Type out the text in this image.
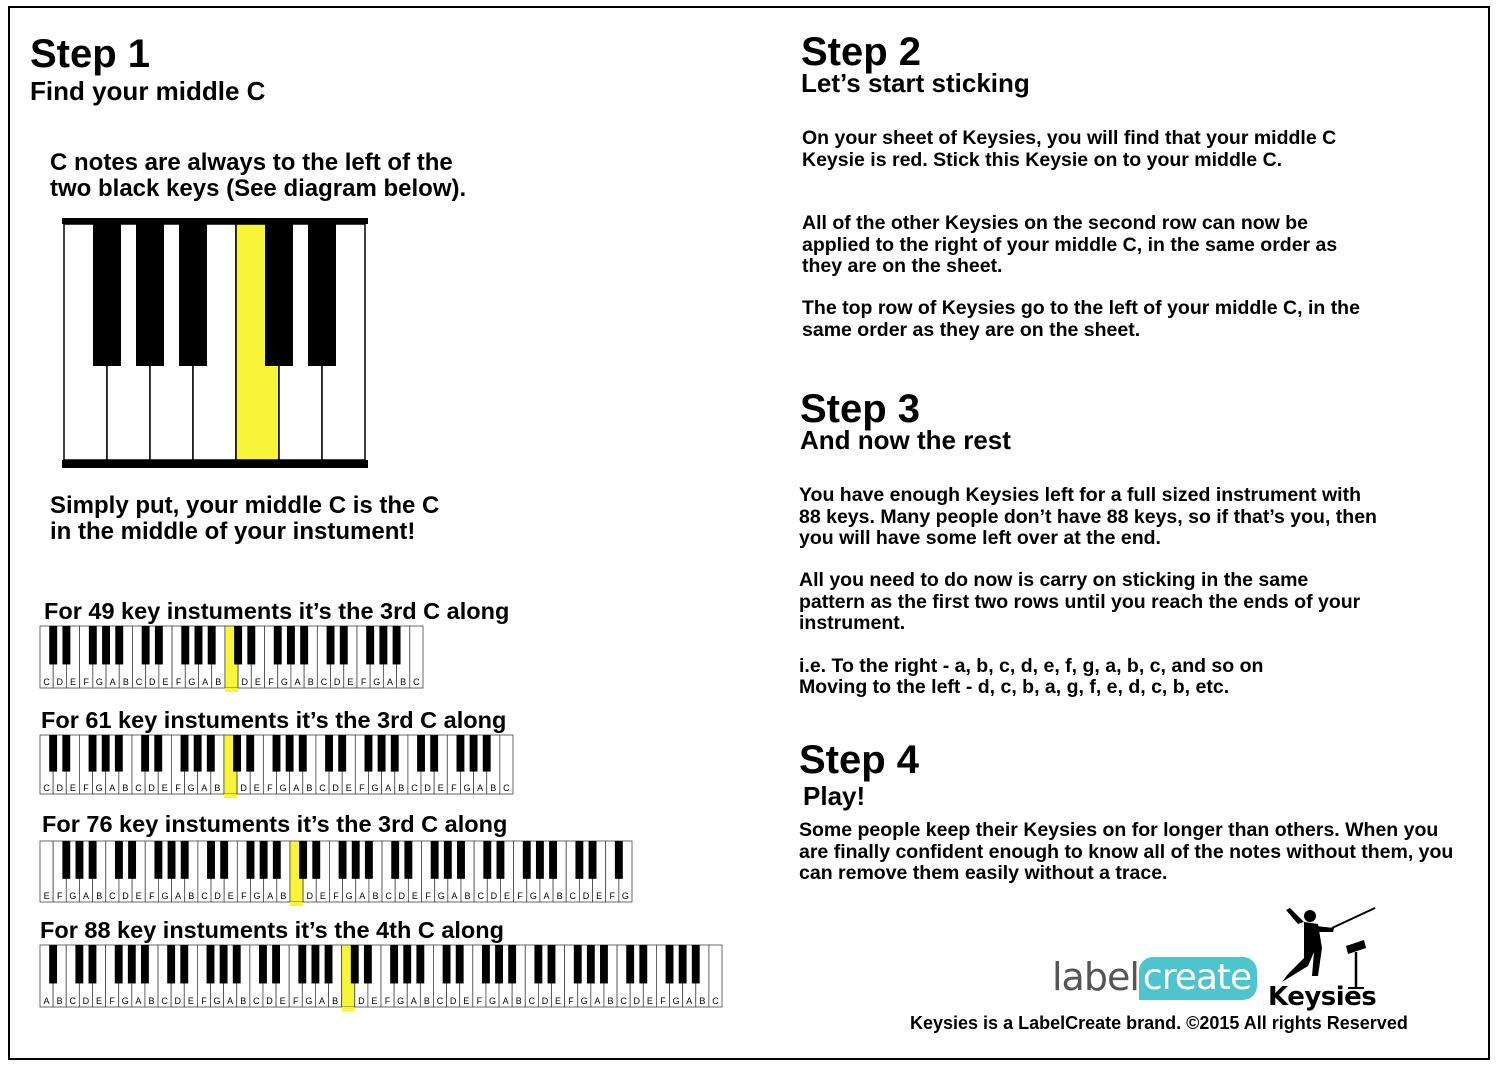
Step 1
Find your middle C
C notes are always to the left of the
two black keys (See diagram below).
Simply put, your middle C is the C
in the middle of your instument!
For 49 key instuments it’s the 3rd C along
C D E F G A B C D E F G A B D E F G A B C D E F G A B C
For 61 key instuments it’s the 3rd C along
C D E F G A B C D E F G A B D E F G A B C D E F G A B C D E F G A B C
For 76 key instuments it’s the 3rd C along
E F G A B C D E F G A B C D E F G A B D E F G A B C D E F G A B C D E F G A B C D E F G
For 88 key instuments it’s the 4th C along
A B C D E F G A B C D E F G A B C D E F G A B D E F G A B C D E F G A B C D E F G A B C D E F G A B C
Step 2
Let’s start sticking
On your sheet of Keysies, you will find that your middle C Keysie is red. Stick this Keysie on to your middle C.
All of the other Keysies on the second row can now be applied to the right of your middle C, in the same order as they are on the sheet.
The top row of Keysies go to the left of your middle C, in the same order as they are on the sheet.
Step 3
And now the rest
You have enough Keysies left for a full sized instrument with 88 keys. Many people don’t have 88 keys, so if that’s you, then you will have some left over at the end.
All you need to do now is carry on sticking in the same pattern as the first two rows until you reach the ends of your instrument.
i.e. To the right - a, b, c, d, e, f, g, a, b, c, and so on
Moving to the left - d, c, b, a, g, f, e, d, c, b, etc.
Step 4
Play!
Some people keep their Keysies on for longer than others. When you are finally confident enough to know all of the notes without them, you can remove them easily without a trace.
label create Keysies
Keysies is a LabelCreate brand. ©2015 All rights Reserved
